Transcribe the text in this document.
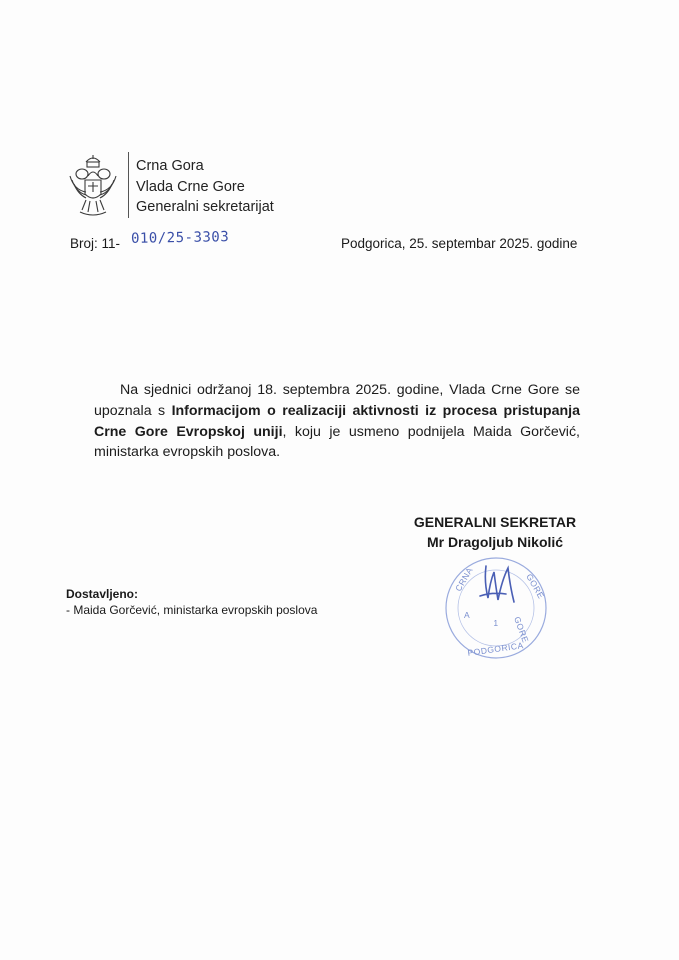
Crna Gora
Vlada Crne Gore
Generalni sekretarijat
Broj: 11- 010/25-3303	Podgorica, 25. septembar 2025. godine
Na sjednici održanoj 18. septembra 2025. godine, Vlada Crne Gore se upoznala s Informacijom o realizaciji aktivnosti iz procesa pristupanja Crne Gore Evropskoj uniji, koju je usmeno podnijela Maida Gorčević, ministarka evropskih poslova.
GENERALNI SEKRETAR
Mr Dragoljub Nikolić
CRNA	GORE
A
GORE
1
PODGORICA
Dostavljeno:
- Maida Gorčević, ministarka evropskih poslova
